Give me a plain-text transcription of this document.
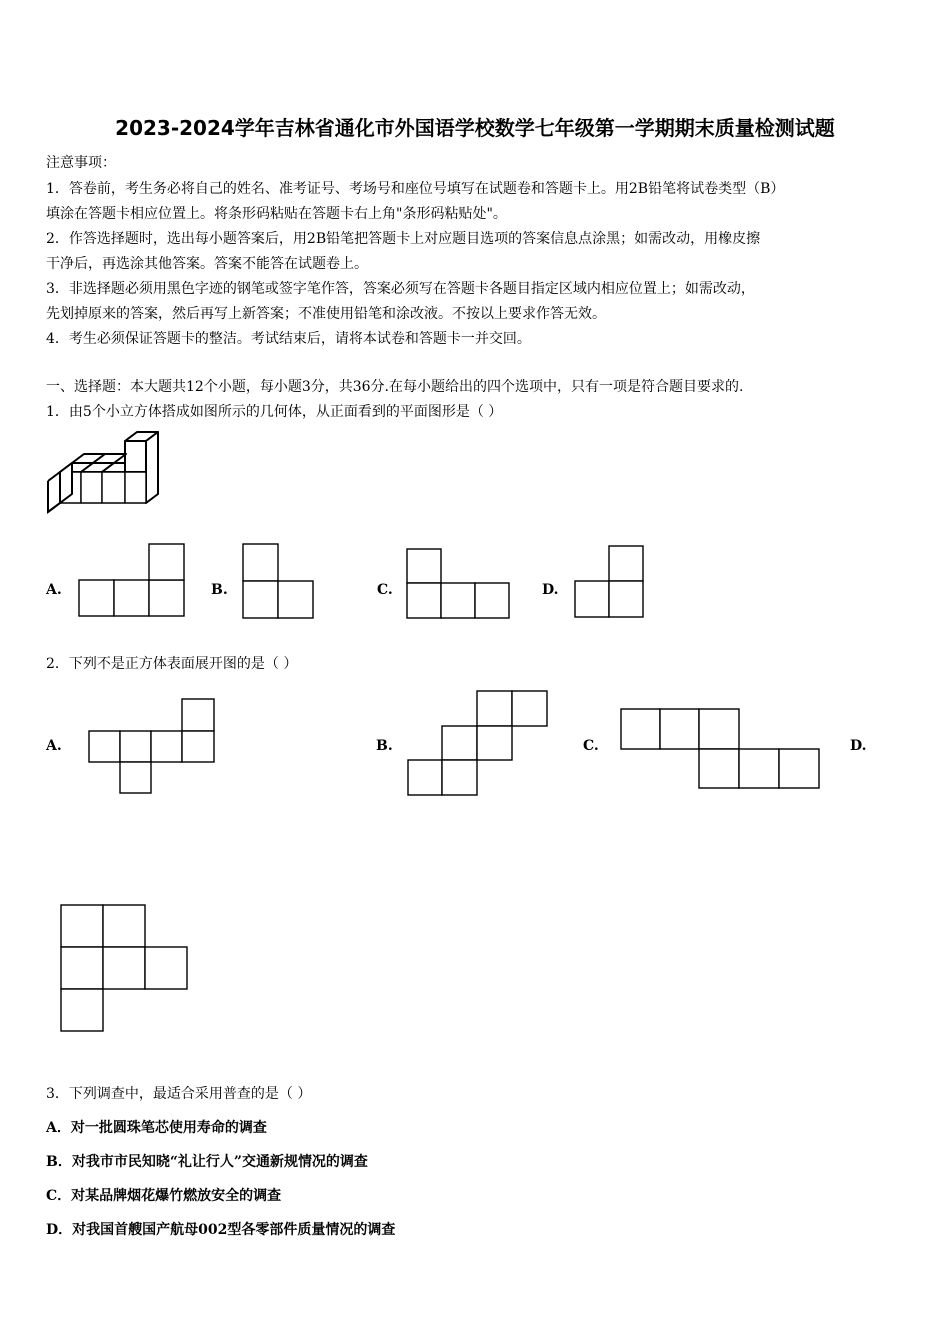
2023-2024学年吉林省通化市外国语学校数学七年级第一学期期末质量检测试题
注意事项：
1．答卷前，考生务必将自己的姓名、准考证号、考场号和座位号填写在试题卷和答题卡上。用2B铅笔将试卷类型（B）
填涂在答题卡相应位置上。将条形码粘贴在答题卡右上角"条形码粘贴处"。
2．作答选择题时，选出每小题答案后，用2B铅笔把答题卡上对应题目选项的答案信息点涂黑；如需改动，用橡皮擦
干净后，再选涂其他答案。答案不能答在试题卷上。
3．非选择题必须用黑色字迹的钢笔或签字笔作答，答案必须写在答题卡各题目指定区域内相应位置上；如需改动，
先划掉原来的答案，然后再写上新答案；不准使用铅笔和涂改液。不按以上要求作答无效。
4．考生必须保证答题卡的整洁。考试结束后，请将本试卷和答题卡一并交回。
一、选择题：本大题共12个小题，每小题3分，共36分.在每小题给出的四个选项中，只有一项是符合题目要求的.
1．由5个小立方体搭成如图所示的几何体，从正面看到的平面图形是（ ）
A.	B.	C.	D.
2．下列不是正方体表面展开图的是（ ）
A.	B.	C.	D.
3．下列调查中，最适合采用普查的是（ ）
A．对一批圆珠笔芯使用寿命的调查
B．对我市市民知晓“礼让行人”交通新规情况的调查
C．对某品牌烟花爆竹燃放安全的调查
D．对我国首艘国产航母002型各零部件质量情况的调查
